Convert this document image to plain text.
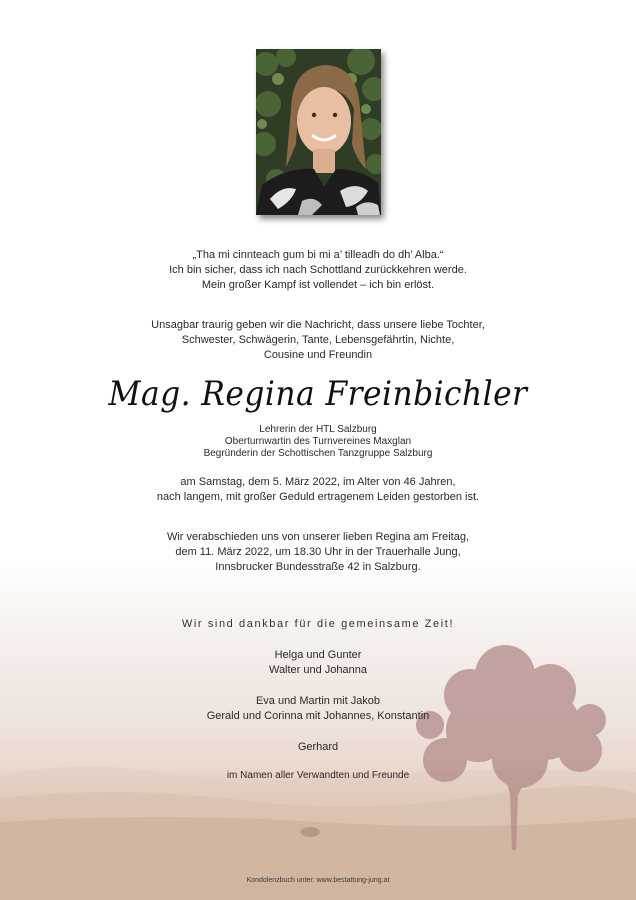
„Tha mi cinnteach gum bi mi a’ tilleadh do dh’ Alba.“
Ich bin sicher, dass ich nach Schottland zurückkehren werde.
Mein großer Kampf ist vollendet – ich bin erlöst.
Unsagbar traurig geben wir die Nachricht, dass unsere liebe Tochter,
Schwester, Schwägerin, Tante, Lebensgefährtin, Nichte,
Cousine und Freundin
Mag. Regina Freinbichler
Lehrerin der HTL Salzburg
Oberturnwartin des Turnvereines Maxglan
Begründerin der Schottischen Tanzgruppe Salzburg
am Samstag, dem 5. März 2022, im Alter von 46 Jahren,
nach langem, mit großer Geduld ertragenem Leiden gestorben ist.
Wir verabschieden uns von unserer lieben Regina am Freitag,
dem 11. März 2022, um 18.30 Uhr in der Trauerhalle Jung,
Innsbrucker Bundesstraße 42 in Salzburg.
Wir sind dankbar für die gemeinsame Zeit!
Helga und Gunter
Walter und Johanna
Eva und Martin mit Jakob
Gerald und Corinna mit Johannes, Konstantin
Gerhard
im Namen aller Verwandten und Freunde
Kondolenzbuch unter: www.bestattung-jung.at
